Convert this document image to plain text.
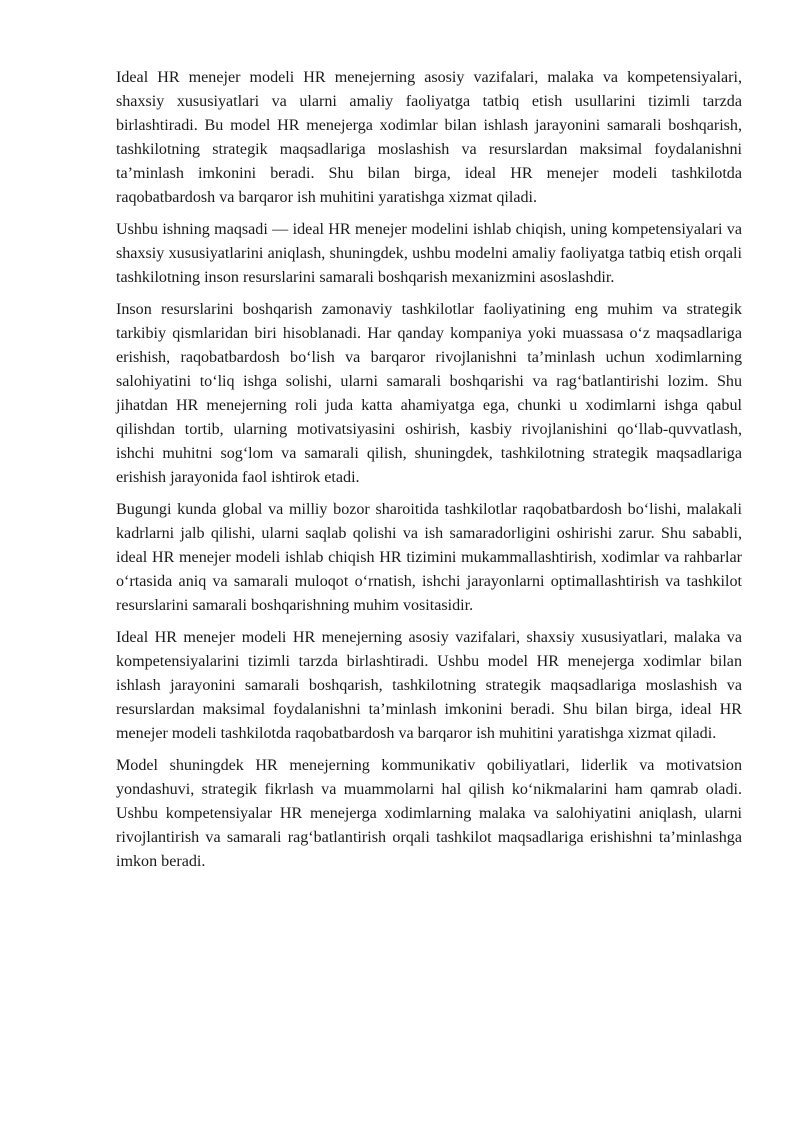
Ideal HR menejer modeli HR menejerning asosiy vazifalari, malaka va kompetensiyalari, shaxsiy xususiyatlari va ularni amaliy faoliyatga tatbiq etish usullarini tizimli tarzda birlashtiradi. Bu model HR menejerga xodimlar bilan ishlash jarayonini samarali boshqarish, tashkilotning strategik maqsadlariga moslashish va resurslardan maksimal foydalanishni ta’minlash imkonini beradi. Shu bilan birga, ideal HR menejer modeli tashkilotda raqobatbardosh va barqaror ish muhitini yaratishga xizmat qiladi.

Ushbu ishning maqsadi — ideal HR menejer modelini ishlab chiqish, uning kompetensiyalari va shaxsiy xususiyatlarini aniqlash, shuningdek, ushbu modelni amaliy faoliyatga tatbiq etish orqali tashkilotning inson resurslarini samarali boshqarish mexanizmini asoslashdir.

Inson resurslarini boshqarish zamonaviy tashkilotlar faoliyatining eng muhim va strategik tarkibiy qismlaridan biri hisoblanadi. Har qanday kompaniya yoki muassasa o‘z maqsadlariga erishish, raqobatbardosh bo‘lish va barqaror rivojlanishni ta’minlash uchun xodimlarning salohiyatini to‘liq ishga solishi, ularni samarali boshqarishi va rag‘batlantirishi lozim. Shu jihatdan HR menejerning roli juda katta ahamiyatga ega, chunki u xodimlarni ishga qabul qilishdan tortib, ularning motivatsiyasini oshirish, kasbiy rivojlanishini qo‘llab-quvvatlash, ishchi muhitni sog‘lom va samarali qilish, shuningdek, tashkilotning strategik maqsadlariga erishish jarayonida faol ishtirok etadi.

Bugungi kunda global va milliy bozor sharoitida tashkilotlar raqobatbardosh bo‘lishi, malakali kadrlarni jalb qilishi, ularni saqlab qolishi va ish samaradorligini oshirishi zarur. Shu sababli, ideal HR menejer modeli ishlab chiqish HR tizimini mukammallashtirish, xodimlar va rahbarlar o‘rtasida aniq va samarali muloqot o‘rnatish, ishchi jarayonlarni optimallashtirish va tashkilot resurslarini samarali boshqarishning muhim vositasidir.

Ideal HR menejer modeli HR menejerning asosiy vazifalari, shaxsiy xususiyatlari, malaka va kompetensiyalarini tizimli tarzda birlashtiradi. Ushbu model HR menejerga xodimlar bilan ishlash jarayonini samarali boshqarish, tashkilotning strategik maqsadlariga moslashish va resurslardan maksimal foydalanishni ta’minlash imkonini beradi. Shu bilan birga, ideal HR menejer modeli tashkilotda raqobatbardosh va barqaror ish muhitini yaratishga xizmat qiladi.

Model shuningdek HR menejerning kommunikativ qobiliyatlari, liderlik va motivatsion yondashuvi, strategik fikrlash va muammolarni hal qilish ko‘nikmalarini ham qamrab oladi. Ushbu kompetensiyalar HR menejerga xodimlarning malaka va salohiyatini aniqlash, ularni rivojlantirish va samarali rag‘batlantirish orqali tashkilot maqsadlariga erishishni ta’minlashga imkon beradi.
